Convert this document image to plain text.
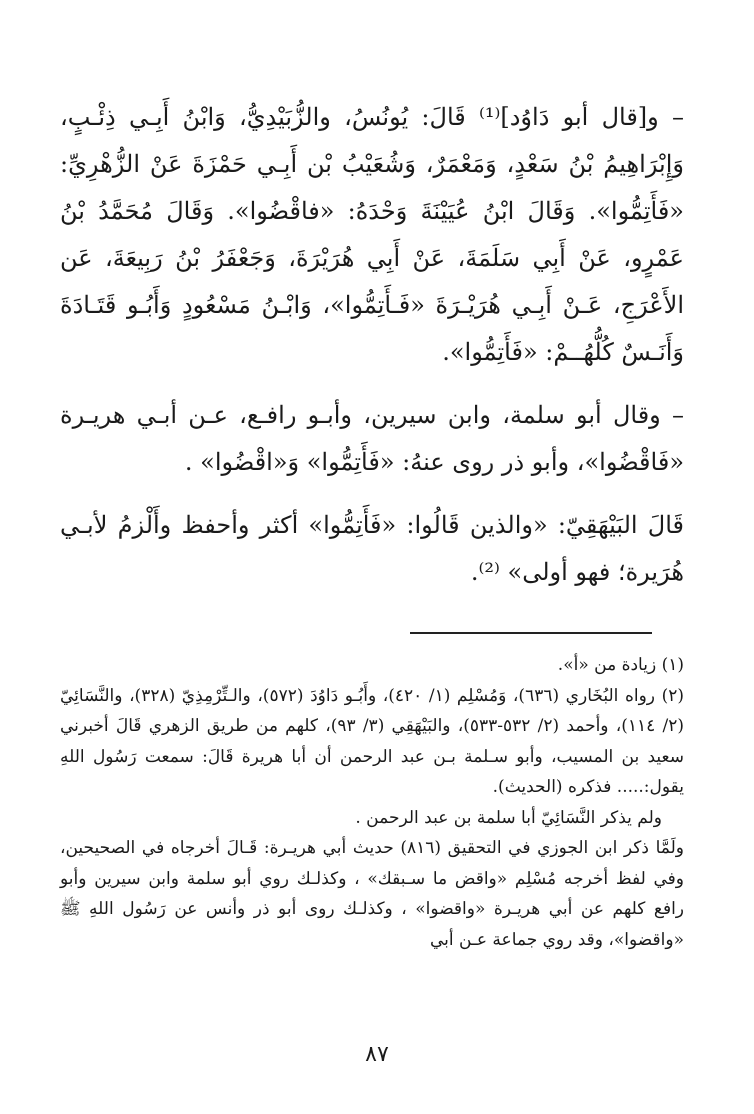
– و[قال أبو دَاوُد]⁽¹⁾ قَالَ: يُونُسُ، والزُّبَيْدِيُّ، وَابْنُ أَبِـي ذِئْـبٍ، وَإِبْرَاهِيمُ بْنُ سَعْدٍ، وَمَعْمَرٌ، وَشُعَيْبُ بْن أَبِـي حَمْزَةَ عَنْ الزُّهْرِيِّ: «فَأَتِمُّوا». وَقَالَ ابْنُ عُيَيْنَةَ وَحْدَهُ: «فاقْضُوا». وَقَالَ مُحَمَّدُ بْنُ عَمْرٍو، عَنْ أَبِي سَلَمَةَ، عَنْ أَبِي هُرَيْرَةَ، وَجَعْفَرُ بْنُ رَبِيعَةَ، عَن الأَعْرَجِ، عَـنْ أَبِـي هُرَيْـرَةَ «فَـأَتِمُّوا»، وَابْـنُ مَسْعُودٍ وَأَبُـو قَتَـادَةَ وَأَنَـسٌ كُلُّهُــمْ: «فَأَتِمُّوا».

– وقال أبو سلمة، وابن سيرين، وأبـو رافـع، عـن أبـي هريـرة «فَاقْضُوا»، وأبو ذر روى عنهُ: «فَأَتِمُّوا» وَ«اقْضُوا» .

قَالَ البَيْهَقِيّ: «والذين قَالُوا: «فَأَتِمُّوا» أكثر وأحفظ وأَلْزمُ لأبـي هُرَيرة؛ فهو أولى» ⁽²⁾.

(١) زيادة من «أ».

(٢) رواه البُخَاري (٦٣٦)، وَمُسْلِم (١/ ٤٢٠)، وأَبُـو دَاوُدَ (٥٧٢)، والـتِّرْمِذِيّ (٣٢٨)، والنَّسَائِيّ (٢/ ١١٤)، وأحمد (٢/ ٥٣٢-٥٣٣)، والبَيْهَقِي (٣/ ٩٣)، كلهم من طريق الزهري قَالَ أخبرني سعيد بن المسيب، وأبو سـلمة بـن عبد الرحمن أن أبا هريرة قَالَ: سمعت رَسُول اللهِ يقول:..... فذكره (الحديث).

ولم يذكر النَّسَائِيّ أبا سلمة بن عبد الرحمن .

ولَمَّا ذكر ابن الجوزي في التحقيق (٨١٦) حديث أبي هريـرة: قَـالَ أخرجاه في الصحيحين، وفي لفظ أخرجه مُسْلِم «واقض ما سـبقك» ، وكذلـك روي أبو سلمة وابن سيرين وأبو رافع كلهم عن أبي هريـرة «واقضوا» ، وكذلـك روى أبو ذر وأنس عن رَسُول اللهِ ﷺ «واقضوا»، وقد روي جماعة عـن أبي

٨٧
